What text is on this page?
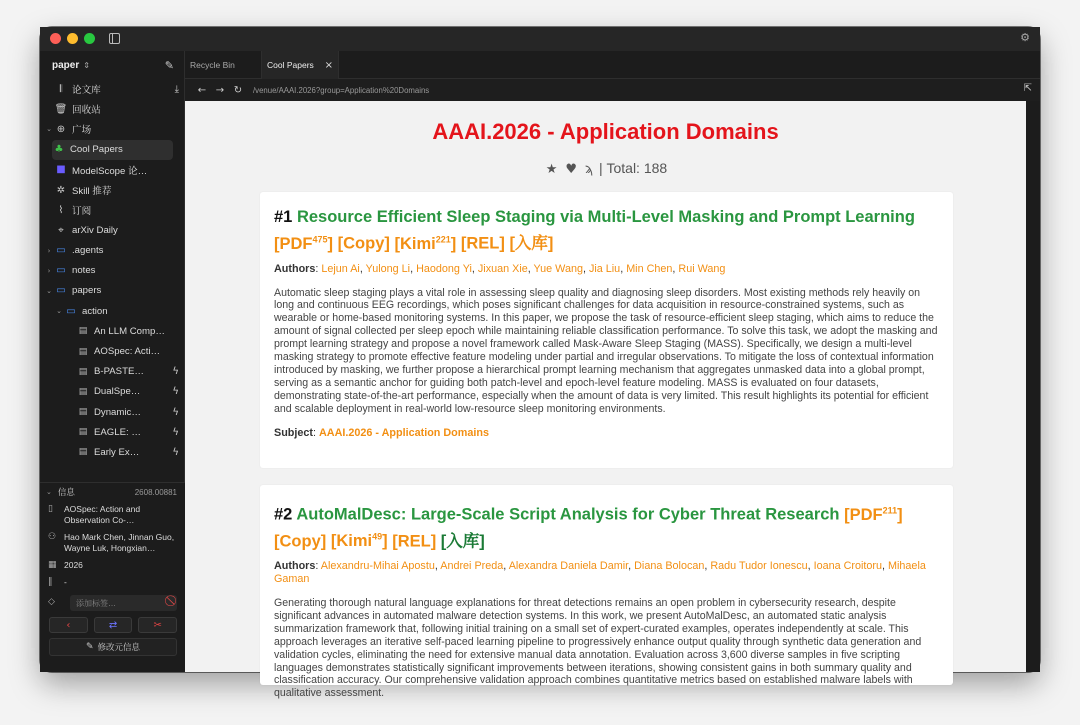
⚙
paper ⇕	✎
𝄃	论文库	⤓
🗑 回收站
⌄ ⊕ 广场
♣ Cool Papers
■ ModelScope 论…
✲ Skill 推荐
⌇ 订阅
⌖ arXiv Daily
› ▭ .agents
› ▭ notes
⌄ ▭ papers
⌄ ▭ action
▤ An LLM Comp…
▤ AOSpec: Acti…
▤ B-PASTE…	ϟ
▤ DualSpe…	ϟ
▤ Dynamic…	ϟ
▤ EAGLE: …	ϟ
▤ Early Ex…	ϟ
⌄ 信息	2608.00881
▯	AOSpec: Action and Observation Co-…
⚇ Hao Mark Chen, Jinnan Guo, Wayne Luk, Hongxian…
▦ 2026
‖	-
◇	添加标签…
‹	⇄	✂
✎ 修改元信息
Recycle Bin	Cool Papers ×
← → ↻	/venue/AAAI.2026?group=Application%20Domains	⇱
AAAI.2026 - Application Domains
★ ♥ ϡ | Total: 188
#1 Resource Efficient Sleep Staging via Multi-Level Masking and Prompt Learning [PDF$^{475}$] [Copy] [Kimi$^{221}$] [REL] [入库]
Authors: Lejun Ai, Yulong Li, Haodong Yi, Jixuan Xie, Yue Wang, Jia Liu, Min Chen, Rui Wang
Automatic sleep staging plays a vital role in assessing sleep quality and diagnosing sleep disorders. Most existing methods rely heavily on long and continuous EEG recordings, which poses significant challenges for data acquisition in resource-constrained systems, such as wearable or home-based monitoring systems. In this paper, we propose the task of resource-efficient sleep staging, which aims to reduce the amount of signal collected per sleep epoch while maintaining reliable classification performance. To solve this task, we adopt the masking and prompt learning strategy and propose a novel framework called Mask-Aware Sleep Staging (MASS). Specifically, we design a multi-level masking strategy to promote effective feature modeling under partial and irregular observations. To mitigate the loss of contextual information introduced by masking, we further propose a hierarchical prompt learning mechanism that aggregates unmasked data into a global prompt, serving as a semantic anchor for guiding both patch-level and epoch-level feature modeling. MASS is evaluated on four datasets, demonstrating state-of-the-art performance, especially when the amount of data is very limited. This result highlights its potential for efficient and scalable deployment in real-world low-resource sleep monitoring environments.
Subject: AAAI.2026 - Application Domains
#2 AutoMalDesc: Large-Scale Script Analysis for Cyber Threat Research [PDF$^{211}$] [Copy] [Kimi$^{49}$] [REL] [入库]
Authors: Alexandru-Mihai Apostu, Andrei Preda, Alexandra Daniela Damir, Diana Bolocan, Radu Tudor Ionescu, Ioana Croitoru, Mihaela Gaman
Generating thorough natural language explanations for threat detections remains an open problem in cybersecurity research, despite significant advances in automated malware detection systems. In this work, we present AutoMalDesc, an automated static analysis summarization framework that, following initial training on a small set of expert-curated examples, operates independently at scale. This approach leverages an iterative self-paced learning pipeline to progressively enhance output quality through synthetic data generation and validation cycles, eliminating the need for extensive manual data annotation. Evaluation across 3,600 diverse samples in five scripting languages demonstrates statistically significant improvements between iterations, showing consistent gains in both summary quality and classification accuracy. Our comprehensive validation approach combines quantitative metrics based on established malware labels with qualitative assessment.
